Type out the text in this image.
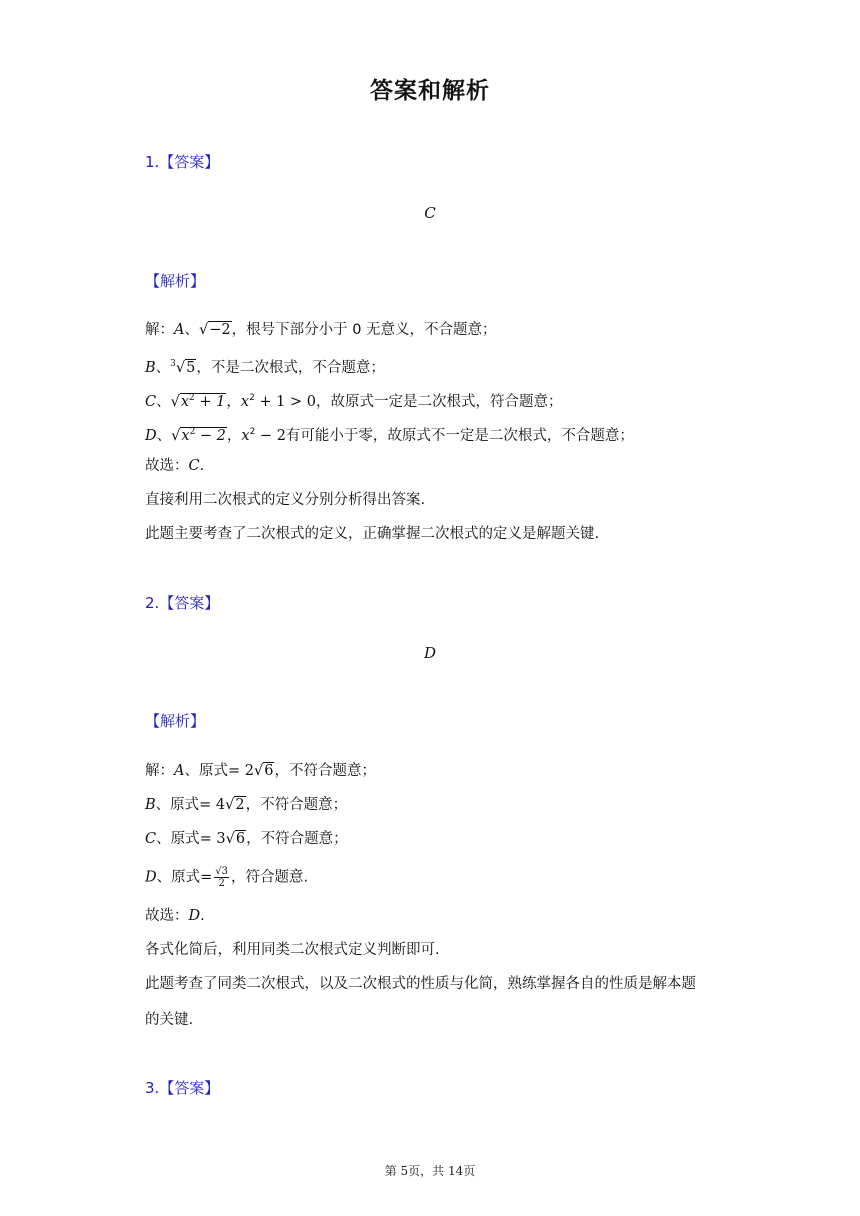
答案和解析
1.【答案】
C
【解析】
解：A、√−2，根号下部分小于 0 无意义，不合题意；
B、$^3$√5，不是二次根式，不合题意；
C、$√x^2 + 1$，$x^2 + 1 > 0$，故原式一定是二次根式，符合题意；
D、$√x^2 - 2$，$x^2 - 2$有可能小于零，故原式不一定是二次根式，不合题意；
故选：C.
直接利用二次根式的定义分别分析得出答案.
此题主要考查了二次根式的定义，正确掌握二次根式的定义是解题关键.
2.【答案】
D
【解析】
解：A、原式= 2√6，不符合题意；
B、原式= 4√2，不符合题意；
C、原式= 3√6，不符合题意；
D、原式= $\frac{√3}{2}$ ，符合题意.
故选：D.
各式化简后，利用同类二次根式定义判断即可.
此题考查了同类二次根式，以及二次根式的性质与化简，熟练掌握各自的性质是解本题
的关键.
3.【答案】
第 5页，共 14页
